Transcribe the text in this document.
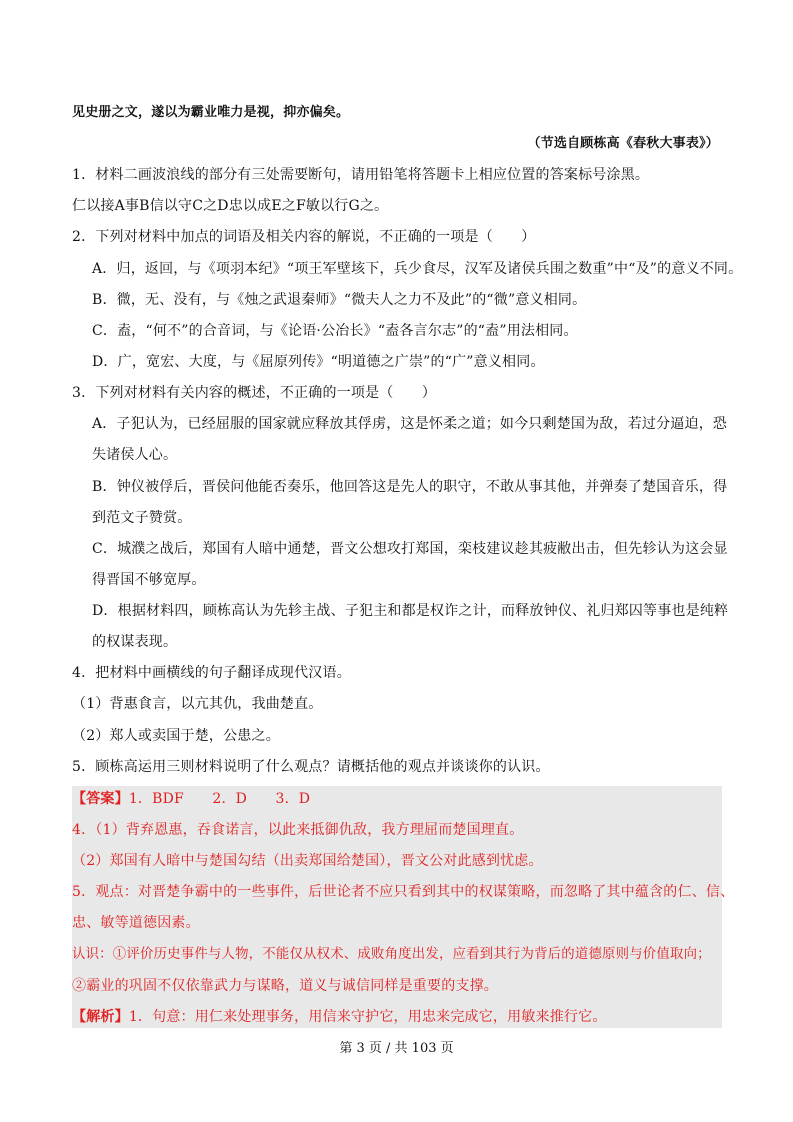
见史册之文，遂以为霸业唯力是视，抑亦偏矣。
（节选自顾栋高《春秋大事表》）
1．材料二画波浪线的部分有三处需要断句，请用铅笔将答题卡上相应位置的答案标号涂黑。
仁以接A事B信以守C之D忠以成E之F敏以行G之。
2．下列对材料中加点的词语及相关内容的解说，不正确的一项是（　　）
A．归，返回，与《项羽本纪》“项王军壁垓下，兵少食尽，汉军及诸侯兵围之数重”中“及”的意义不同。
B．微，无、没有，与《烛之武退秦师》“微夫人之力不及此”的“微”意义相同。
C．盍，“何不”的合音词，与《论语·公冶长》“盍各言尔志”的“盍”用法相同。
D．广，宽宏、大度，与《屈原列传》“明道德之广崇”的“广”意义相同。
3．下列对材料有关内容的概述，不正确的一项是（　　）
A．子犯认为，已经屈服的国家就应释放其俘虏，这是怀柔之道；如今只剩楚国为敌，若过分逼迫，恐
失诸侯人心。
B．钟仪被俘后，晋侯问他能否奏乐，他回答这是先人的职守，不敢从事其他，并弹奏了楚国音乐，得
到范文子赞赏。
C．城濮之战后，郑国有人暗中通楚，晋文公想攻打郑国，栾枝建议趁其疲敝出击，但先轸认为这会显
得晋国不够宽厚。
D．根据材料四，顾栋高认为先轸主战、子犯主和都是权诈之计，而释放钟仪、礼归郑囚等事也是纯粹
的权谋表现。
4．把材料中画横线的句子翻译成现代汉语。
（1）背惠食言，以亢其仇，我曲楚直。
（2）郑人或卖国于楚，公患之。
5．顾栋高运用三则材料说明了什么观点？请概括他的观点并谈谈你的认识。
【答案】1．BDF　　2．D　　3．D
4．（1）背弃恩惠，吞食诺言，以此来抵御仇敌，我方理屈而楚国理直。
（2）郑国有人暗中与楚国勾结（出卖郑国给楚国），晋文公对此感到忧虑。
5．观点：对晋楚争霸中的一些事件，后世论者不应只看到其中的权谋策略，而忽略了其中蕴含的仁、信、
忠、敏等道德因素。
认识：①评价历史事件与人物，不能仅从权术、成败角度出发，应看到其行为背后的道德原则与价值取向；
②霸业的巩固不仅依靠武力与谋略，道义与诚信同样是重要的支撑。
【解析】1．句意：用仁来处理事务，用信来守护它，用忠来完成它，用敏来推行它。
第 3 页 / 共 103 页
